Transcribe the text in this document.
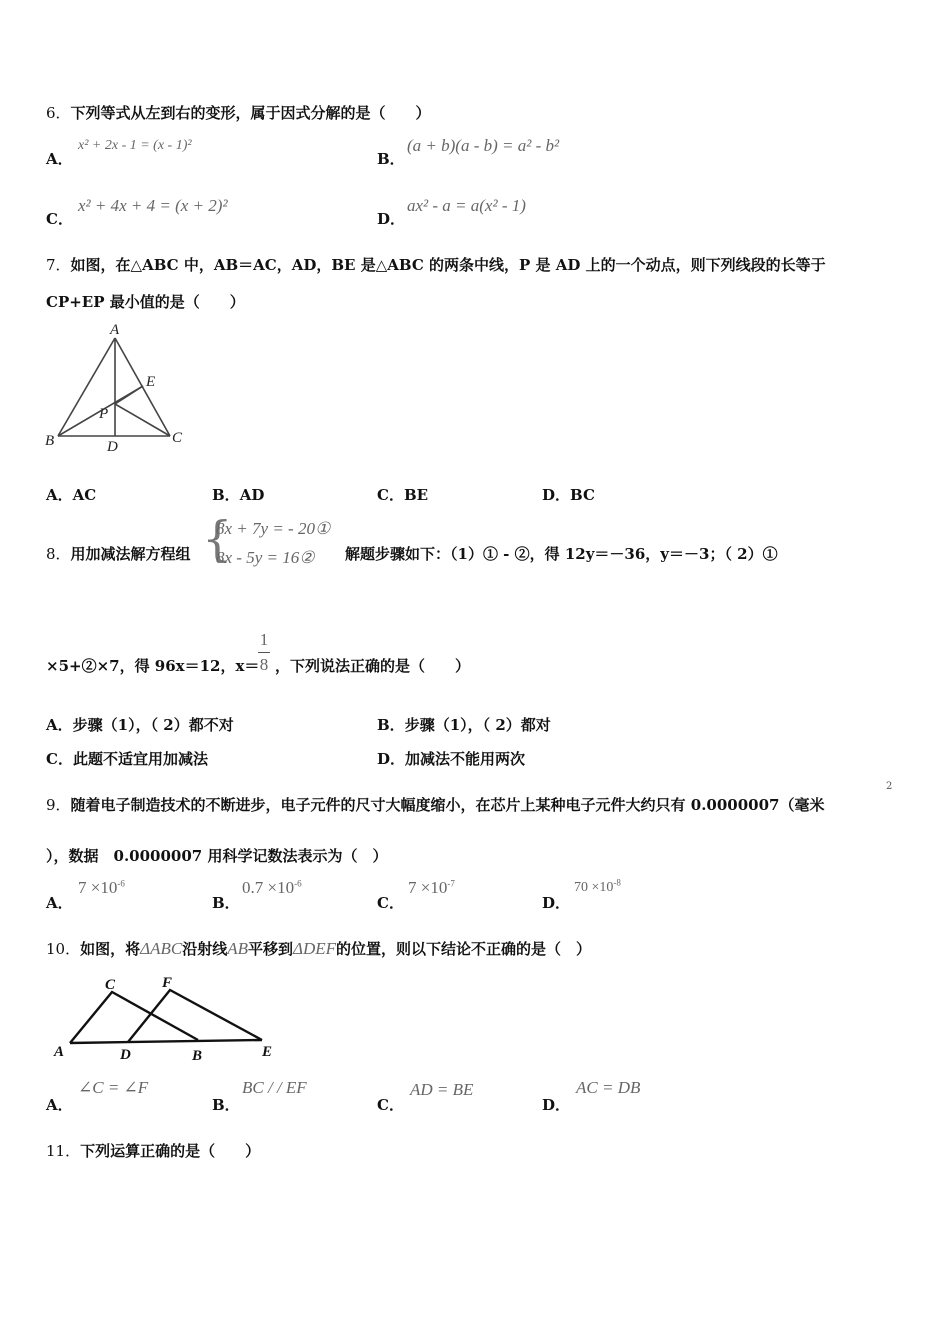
6．下列等式从左到右的变形，属于因式分解的是（　　）
A．
x² + 2x - 1 = (x - 1)²
B．
(a + b)(a - b) = a² - b²
C．
x² + 4x + 4 = (x + 2)²
D．
ax² - a = a(x² - 1)
7．如图，在△ABC 中，AB＝AC，AD，BE 是△ABC 的两条中线，P 是 AD 上的一个动点，则下列线段的长等于
CP+EP 最小值的是（　　）
A
B	C
D
E
P
A．AC	B．AD	C．BE	D．BC
8．用加减法解方程组 {
8x + 7y = - 20①
8x - 5y = 16② 解题步骤如下：（1）① - ②，得 12y＝－36，y＝－3；（ 2）①
×5+②×7，得 96x＝12，x＝
1
8 ，下列说法正确的是（　　）
A．步骤（1），（ 2）都不对	B．步骤（1），（ 2）都对
C．此题不适宜用加减法	D．加减法不能用两次
9．随着电子制造技术的不断进步，电子元件的尺寸大幅度缩小，在芯片上某种电子元件大约只有 0.0000007（毫米
2
），数据　0.0000007 用科学记数法表示为（　）
A．
$7 \times 10^{-6}$
B．
$0.7 \times 10^{-6}$
C．
$7 \times 10^{-7}$
D．
$70 \times 10^{-8}$
10．如图，将ΔABC沿射线AB平移到ΔDEF的位置，则以下结论不正确的是（　）
A	B
C
D	E
F
A．
∠C = ∠F
B．
BC / / EF
C．
AD = BE
D．
AC = DB
11．下列运算正确的是（　　）
